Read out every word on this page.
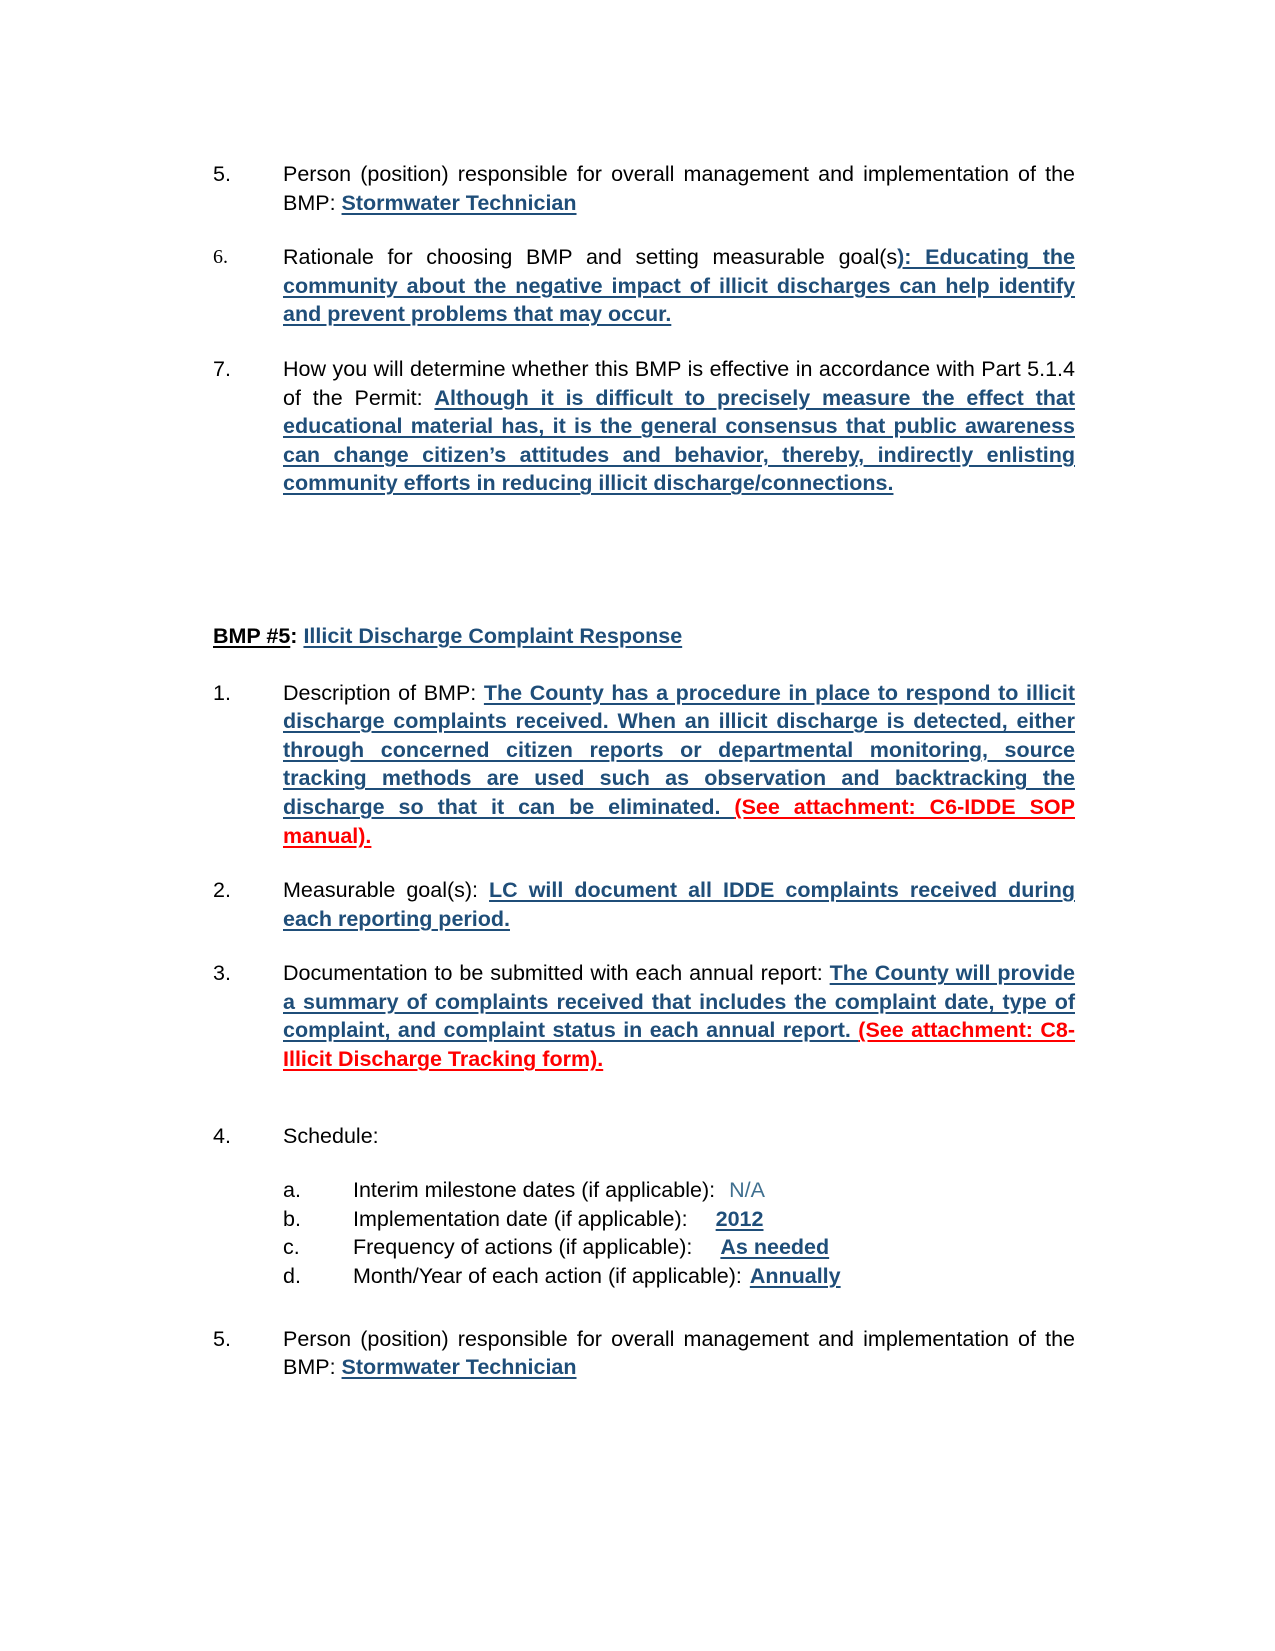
5.	Person (position) responsible for overall management and implementation of the BMP: Stormwater Technician
6.	Rationale for choosing BMP and setting measurable goal(s): Educating the community about the negative impact of illicit discharges can help identify and prevent problems that may occur.
7.	How you will determine whether this BMP is effective in accordance with Part 5.1.4 of the Permit: Although it is difficult to precisely measure the effect that educational material has, it is the general consensus that public awareness can change citizen’s attitudes and behavior, thereby, indirectly enlisting community efforts in reducing illicit discharge/connections.
BMP #5: Illicit Discharge Complaint Response
1.	Description of BMP: The County has a procedure in place to respond to illicit discharge complaints received. When an illicit discharge is detected, either through concerned citizen reports or departmental monitoring, source tracking methods are used such as observation and backtracking the discharge so that it can be eliminated. (See attachment: C6-IDDE SOP manual).
2.	Measurable goal(s): LC will document all IDDE complaints received during each reporting period.
3.	Documentation to be submitted with each annual report: The County will provide a summary of complaints received that includes the complaint date, type of complaint, and complaint status in each annual report. (See attachment: C8-Illicit Discharge Tracking form).
4.	Schedule:
a.	Interim milestone dates (if applicable): N/A
b.	Implementation date (if applicable): 2012
c.	Frequency of actions (if applicable): As needed
d.	Month/Year of each action (if applicable): Annually
5.	Person (position) responsible for overall management and implementation of the BMP: Stormwater Technician
